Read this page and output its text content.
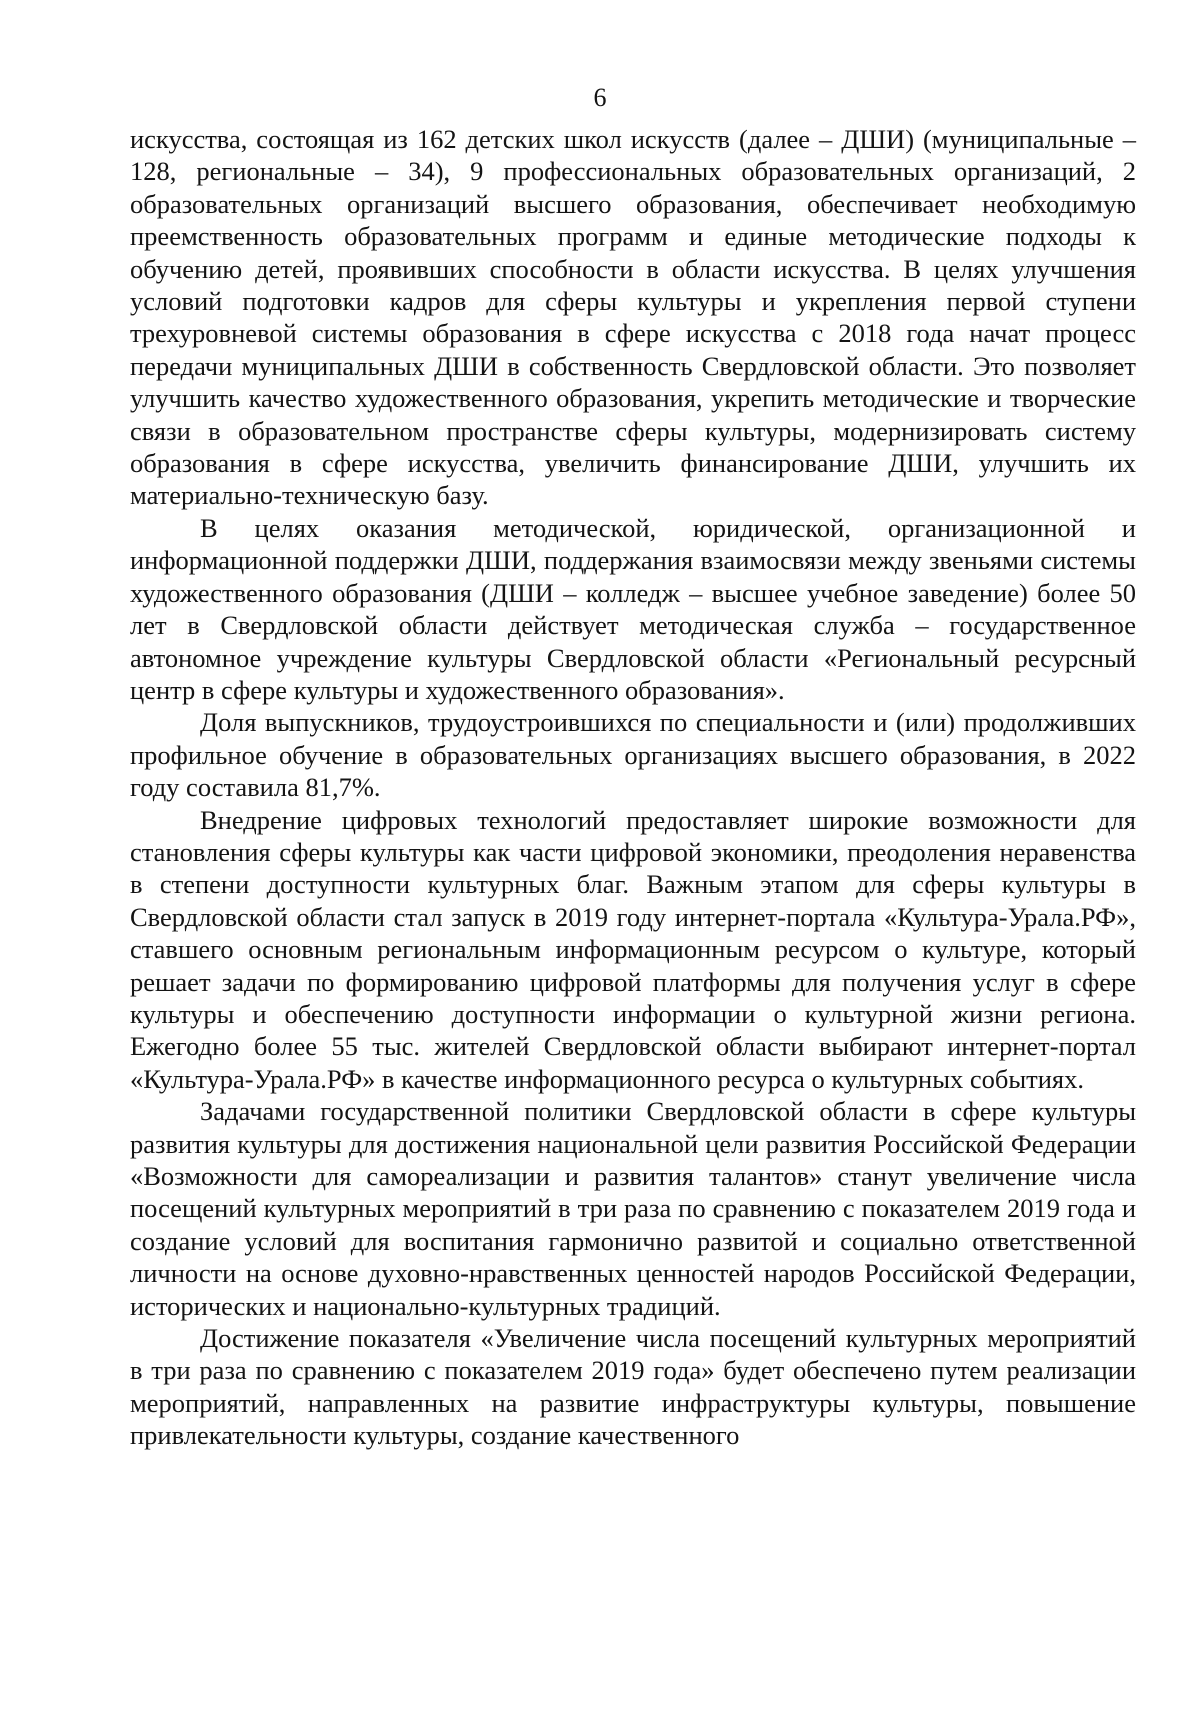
6

искусства, состоящая из 162 детских школ искусств (далее – ДШИ) (муниципальные – 128, региональные – 34), 9 профессиональных образовательных организаций, 2 образовательных организаций высшего образования, обеспечивает необходимую преемственность образовательных программ и единые методические подходы к обучению детей, проявивших способности в области искусства. В целях улучшения условий подготовки кадров для сферы культуры и укрепления первой ступени трехуровневой системы образования в сфере искусства с 2018 года начат процесс передачи муниципальных ДШИ в собственность Свердловской области. Это позволяет улучшить качество художественного образования, укрепить методические и творческие связи в образовательном пространстве сферы культуры, модернизировать систему образования в сфере искусства, увеличить финансирование ДШИ, улучшить их материально-техническую базу.

В целях оказания методической, юридической, организационной и информационной поддержки ДШИ, поддержания взаимосвязи между звеньями системы художественного образования (ДШИ – колледж – высшее учебное заведение) более 50 лет в Свердловской области действует методическая служба – государственное автономное учреждение культуры Свердловской области «Региональный ресурсный центр в сфере культуры и художественного образования».

Доля выпускников, трудоустроившихся по специальности и (или) продолживших профильное обучение в образовательных организациях высшего образования, в 2022 году составила 81,7%.

Внедрение цифровых технологий предоставляет широкие возможности для становления сферы культуры как части цифровой экономики, преодоления неравенства в степени доступности культурных благ. Важным этапом для сферы культуры в Свердловской области стал запуск в 2019 году интернет-портала «Культура-Урала.РФ», ставшего основным региональным информационным ресурсом о культуре, который решает задачи по формированию цифровой платформы для получения услуг в сфере культуры и обеспечению доступности информации о культурной жизни региона. Ежегодно более 55 тыс. жителей Свердловской области выбирают интернет-портал «Культура-Урала.РФ» в качестве информационного ресурса о культурных событиях.

Задачами государственной политики Свердловской области в сфере культуры развития культуры для достижения национальной цели развития Российской Федерации «Возможности для самореализации и развития талантов» станут увеличение числа посещений культурных мероприятий в три раза по сравнению с показателем 2019 года и создание условий для воспитания гармонично развитой и социально ответственной личности на основе духовно-нравственных ценностей народов Российской Федерации, исторических и национально-культурных традиций.

Достижение показателя «Увеличение числа посещений культурных мероприятий в три раза по сравнению с показателем 2019 года» будет обеспечено путем реализации мероприятий, направленных на развитие инфраструктуры культуры, повышение привлекательности культуры, создание качественного
